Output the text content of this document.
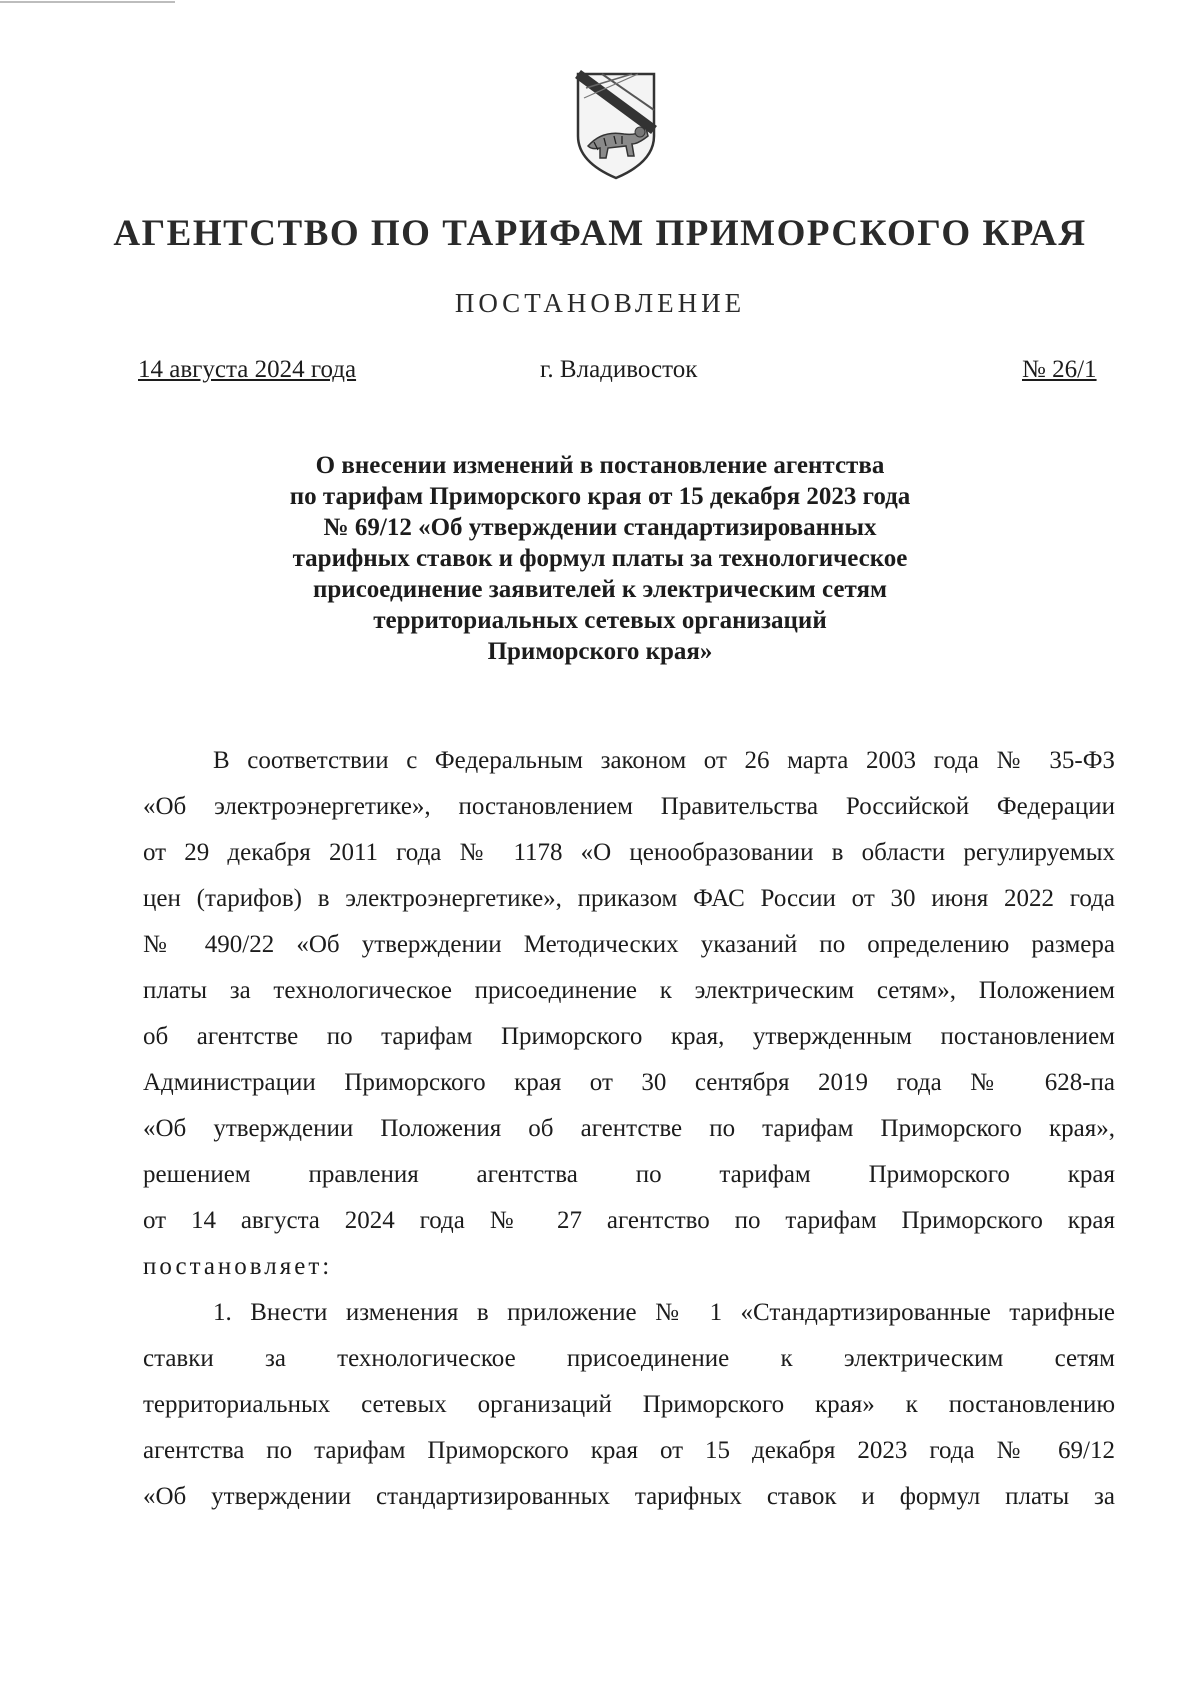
АГЕНТСТВО ПО ТАРИФАМ ПРИМОРСКОГО КРАЯ
ПОСТАНОВЛЕНИЕ
14 августа 2024 года	г. Владивосток	№ 26/1
О внесении изменений в постановление агентства
по тарифам Приморского края от 15 декабря 2023 года
№ 69/12 «Об утверждении стандартизированных
тарифных ставок и формул платы за технологическое
присоединение заявителей к электрическим сетям
территориальных сетевых организаций
Приморского края»
В соответствии с Федеральным законом от 26 марта 2003 года № 35-ФЗ
«Об электроэнергетике», постановлением Правительства Российской Федерации
от 29 декабря 2011 года № 1178 «О ценообразовании в области регулируемых
цен (тарифов) в электроэнергетике», приказом ФАС России от 30 июня 2022 года
№ 490/22 «Об утверждении Методических указаний по определению размера
платы за технологическое присоединение к электрическим сетям», Положением
об агентстве по тарифам Приморского края, утвержденным постановлением
Администрации Приморского края от 30 сентября 2019 года № 628-па
«Об утверждении Положения об агентстве по тарифам Приморского края»,
решением правления агентства по тарифам Приморского края
от 14 августа 2024 года № 27 агентство по тарифам Приморского края
постановляет:
1. Внести изменения в приложение № 1 «Стандартизированные тарифные
ставки за технологическое присоединение к электрическим сетям
территориальных сетевых организаций Приморского края» к постановлению
агентства по тарифам Приморского края от 15 декабря 2023 года № 69/12
«Об утверждении стандартизированных тарифных ставок и формул платы за
